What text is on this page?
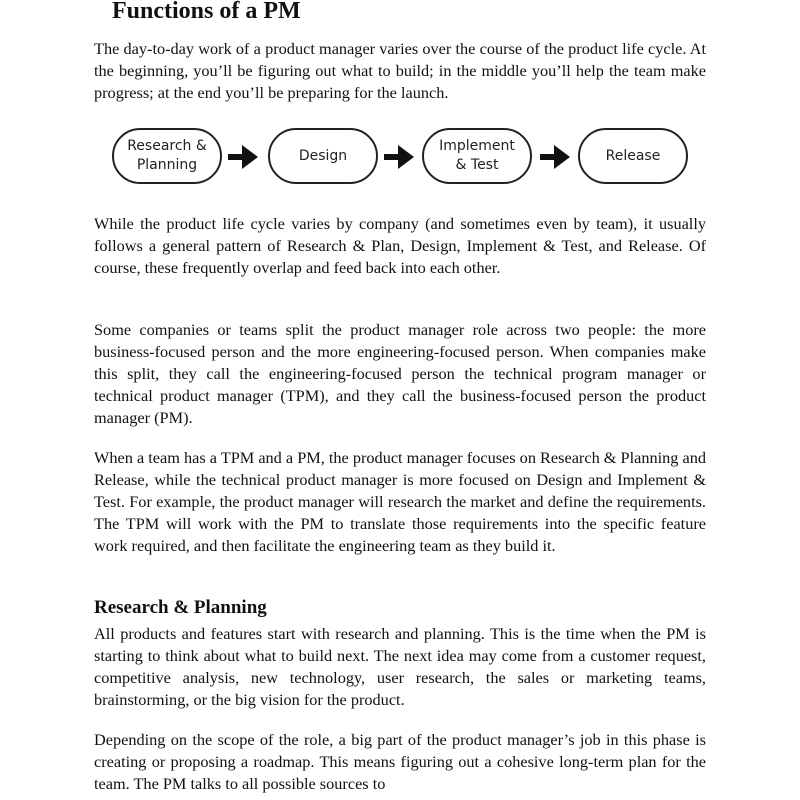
Functions of a PM

The day-to-day work of a product manager varies over the course of the product life cycle. At the beginning, you’ll be figuring out what to build; in the middle you’ll help the team make progress; at the end you’ll be preparing for the launch.

Research &
Planning
Design
Implement
& Test
Release

While the product life cycle varies by company (and sometimes even by team), it usually follows a general pattern of Research & Plan, Design, Implement & Test, and Release. Of course, these frequently overlap and feed back into each other.

Some companies or teams split the product manager role across two people: the more business-focused person and the more engineering-focused person. When companies make this split, they call the engineering-focused person the technical program manager or technical product manager (TPM), and they call the business-focused person the product manager (PM).

When a team has a TPM and a PM, the product manager focuses on Research & Planning and Release, while the technical product manager is more focused on Design and Implement & Test. For example, the product manager will research the market and define the requirements. The TPM will work with the PM to translate those requirements into the specific feature work required, and then facilitate the engineering team as they build it.

Research & Planning

All products and features start with research and planning. This is the time when the PM is starting to think about what to build next. The next idea may come from a customer request, competitive analysis, new technology, user research, the sales or marketing teams, brainstorming, or the big vision for the product.

Depending on the scope of the role, a big part of the product manager’s job in this phase is creating or proposing a roadmap. This means figuring out a cohesive long-term plan for the team. The PM talks to all possible sources to
